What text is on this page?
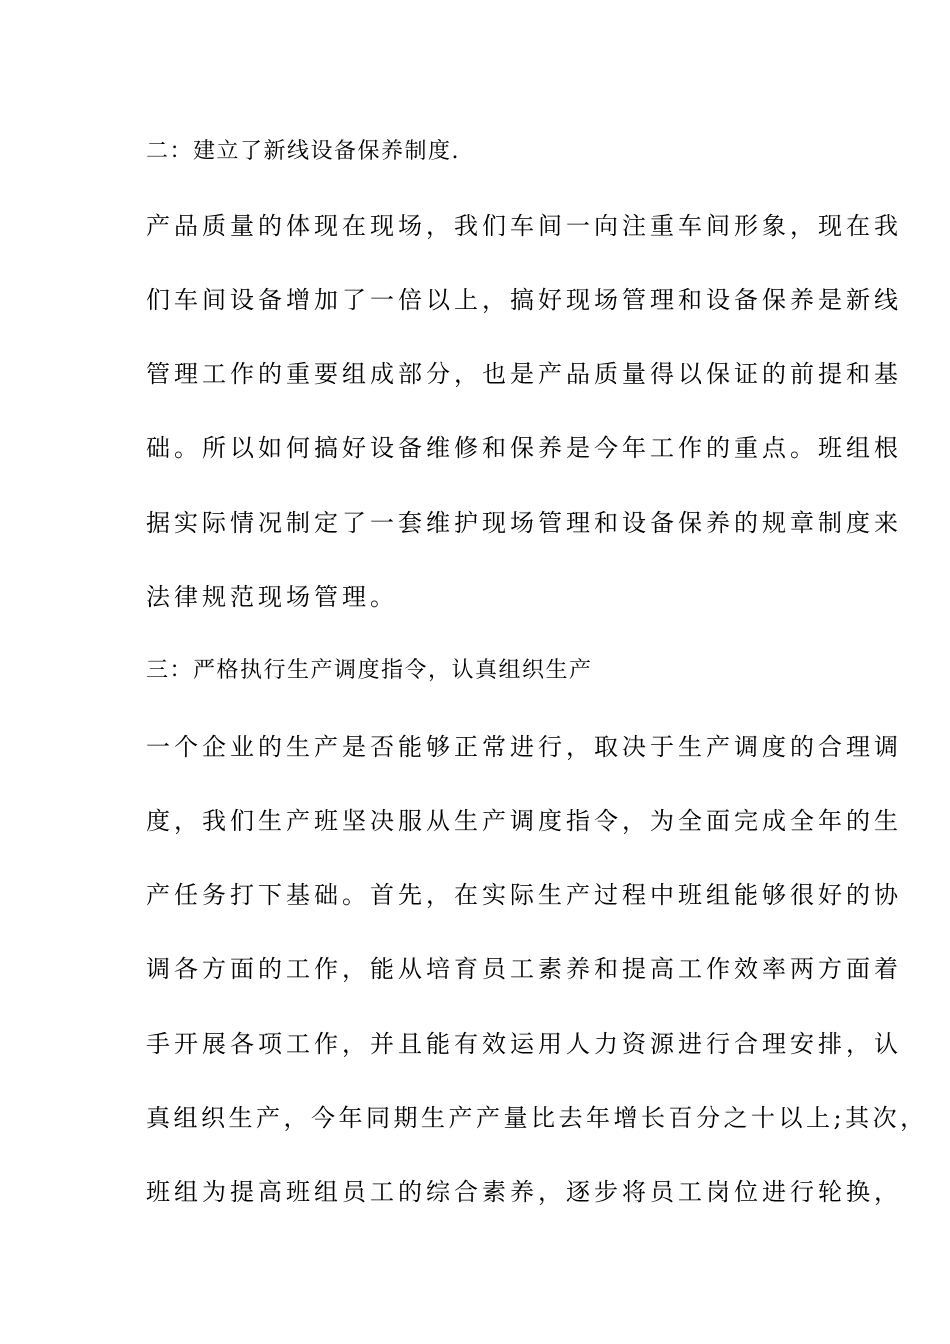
二：建立了新线设备保养制度.
产品质量的体现在现场，我们车间一向注重车间形象，现在我
们车间设备增加了一倍以上，搞好现场管理和设备保养是新线
管理工作的重要组成部分，也是产品质量得以保证的前提和基
础。所以如何搞好设备维修和保养是今年工作的重点。班组根
据实际情况制定了一套维护现场管理和设备保养的规章制度来
法律规范现场管理。
三：严格执行生产调度指令，认真组织生产
一个企业的生产是否能够正常进行，取决于生产调度的合理调
度，我们生产班坚决服从生产调度指令，为全面完成全年的生
产任务打下基础。首先，在实际生产过程中班组能够很好的协
调各方面的工作，能从培育员工素养和提高工作效率两方面着
手开展各项工作，并且能有效运用人力资源进行合理安排，认
真组织生产，今年同期生产产量比去年增长百分之十以上;其次，
班组为提高班组员工的综合素养，逐步将员工岗位进行轮换，
